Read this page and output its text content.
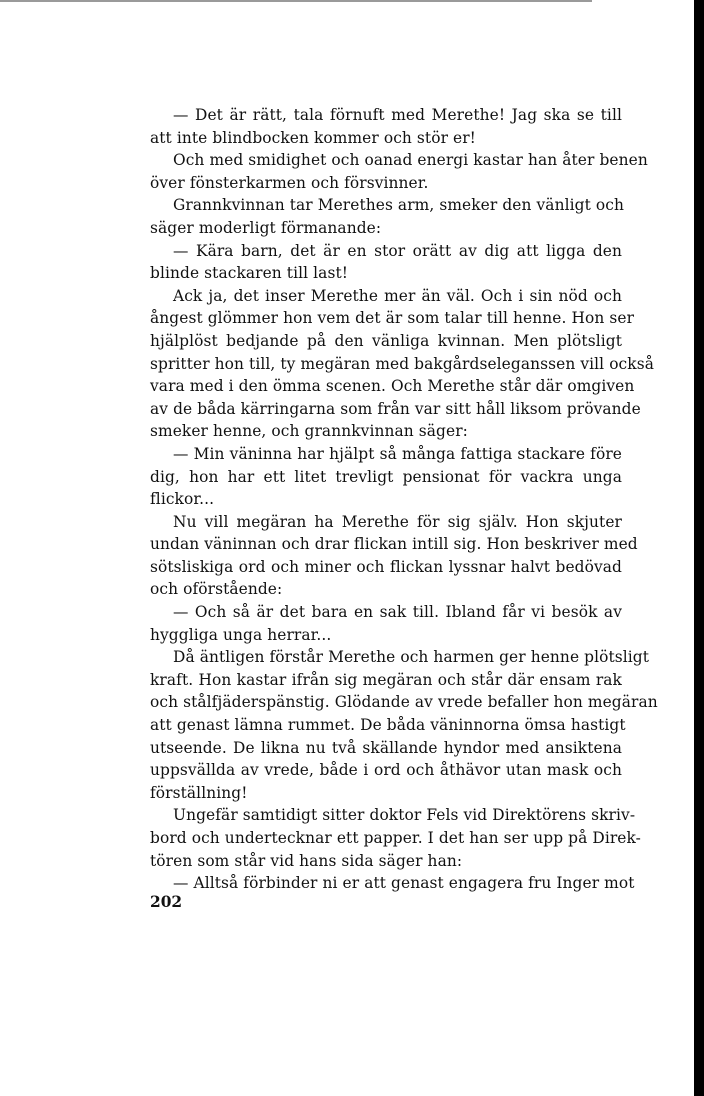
— Det är rätt, tala förnuft med Merethe! Jag ska se till
att inte blindbocken kommer och stör er!
Och med smidighet och oanad energi kastar han åter benen
över fönsterkarmen och försvinner.
Grannkvinnan tar Merethes arm, smeker den vänligt och
säger moderligt förmanande:
— Kära barn, det är en stor orätt av dig att ligga den
blinde stackaren till last!
Ack ja, det inser Merethe mer än väl. Och i sin nöd och
ångest glömmer hon vem det är som talar till henne. Hon ser
hjälplöst bedjande på den vänliga kvinnan. Men plötsligt
spritter hon till, ty megäran med bakgårdseleganssen vill också
vara med i den ömma scenen. Och Merethe står där omgiven
av de båda kärringarna som från var sitt håll liksom prövande
smeker henne, och grannkvinnan säger:
— Min väninna har hjälpt så många fattiga stackare före
dig, hon har ett litet trevligt pensionat för vackra unga
flickor...
Nu vill megäran ha Merethe för sig själv. Hon skjuter
undan väninnan och drar flickan intill sig. Hon beskriver med
sötsliskiga ord och miner och flickan lyssnar halvt bedövad
och oförstående:
— Och så är det bara en sak till. Ibland får vi besök av
hyggliga unga herrar...
Då äntligen förstår Merethe och harmen ger henne plötsligt
kraft. Hon kastar ifrån sig megäran och står där ensam rak
och stålfjäderspänstig. Glödande av vrede befaller hon megäran
att genast lämna rummet. De båda väninnorna ömsa hastigt
utseende. De likna nu två skällande hyndor med ansiktena
uppsvällda av vrede, både i ord och åthävor utan mask och
förställning!
Ungefär samtidigt sitter doktor Fels vid Direktörens skriv-
bord och undertecknar ett papper. I det han ser upp på Direk-
tören som står vid hans sida säger han:
— Alltså förbinder ni er att genast engagera fru Inger mot
202
